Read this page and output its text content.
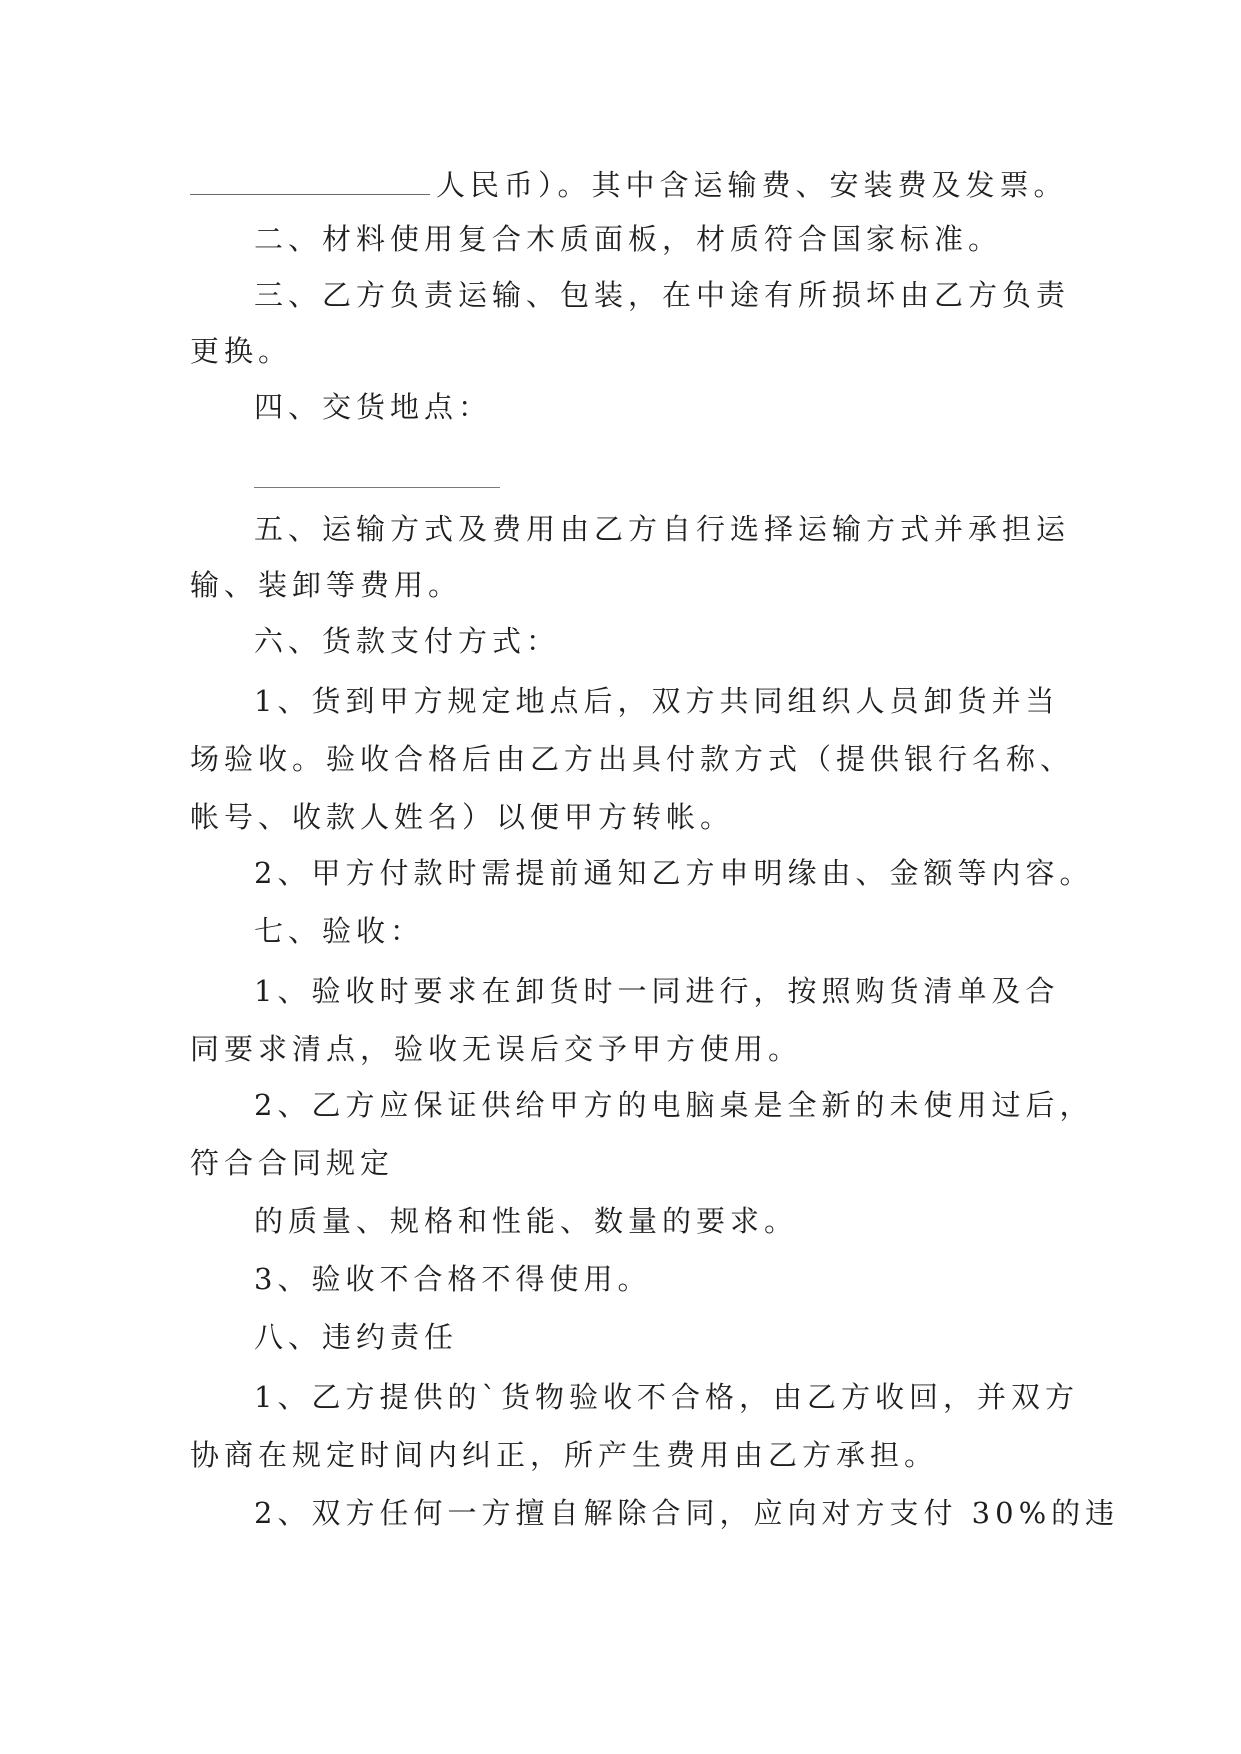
人民币）。其中含运输费、安装费及发票。
二、材料使用复合木质面板，材质符合国家标准。
三、乙方负责运输、包装，在中途有所损坏由乙方负责
更换。
四、交货地点：
五、运输方式及费用由乙方自行选择运输方式并承担运
输、装卸等费用。
六、货款支付方式：
1、货到甲方规定地点后，双方共同组织人员卸货并当
场验收。验收合格后由乙方出具付款方式（提供银行名称、
帐号、收款人姓名）以便甲方转帐。
2、甲方付款时需提前通知乙方申明缘由、金额等内容。
七、验收：
1、验收时要求在卸货时一同进行，按照购货清单及合
同要求清点，验收无误后交予甲方使用。
2、乙方应保证供给甲方的电脑桌是全新的未使用过后，
符合合同规定
的质量、规格和性能、数量的要求。
3、验收不合格不得使用。
八、违约责任
1、乙方提供的`货物验收不合格，由乙方收回，并双方
协商在规定时间内纠正，所产生费用由乙方承担。
2、双方任何一方擅自解除合同，应向对方支付 30%的违
